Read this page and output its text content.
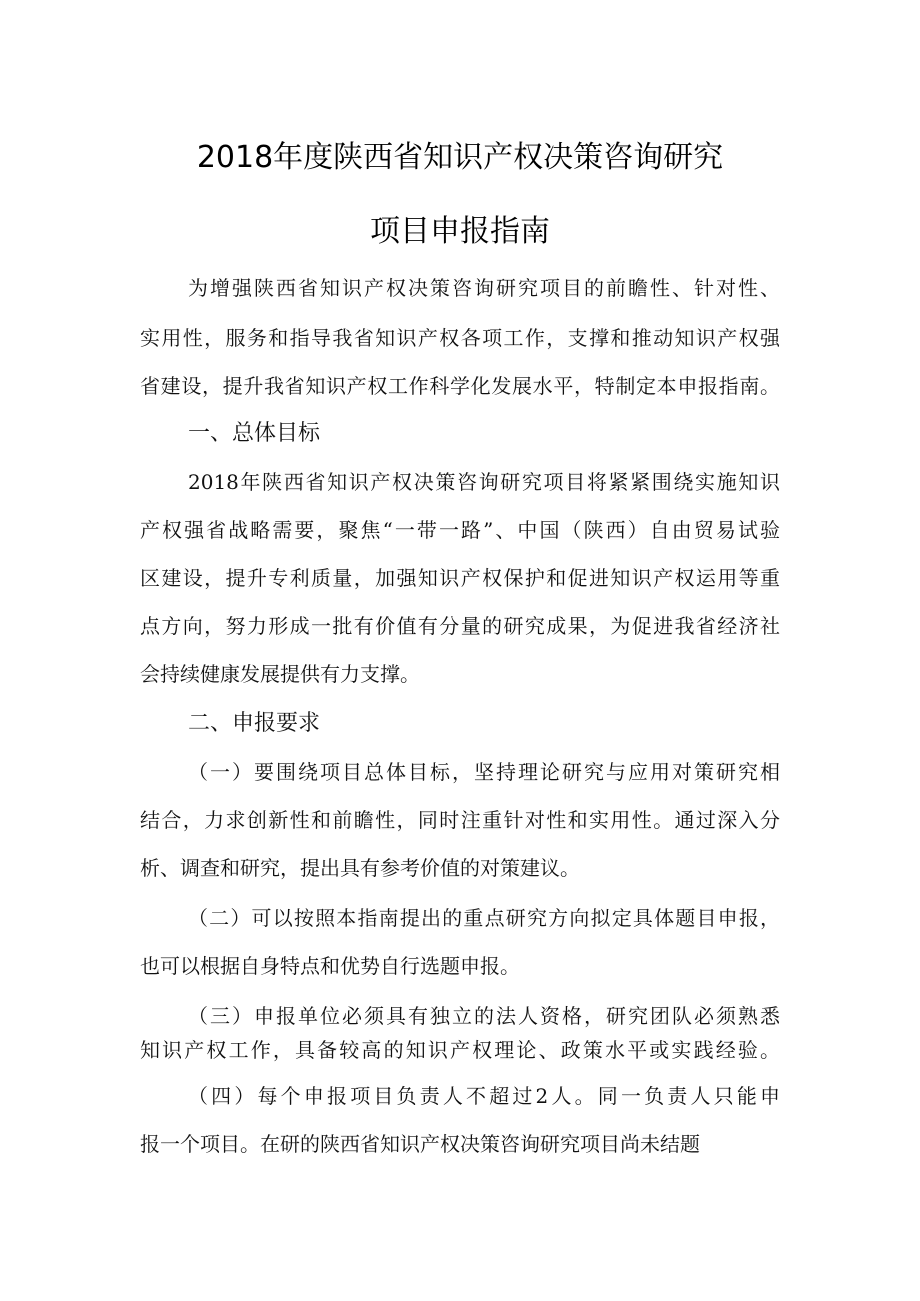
2018年度陕西省知识产权决策咨询研究
项目申报指南
为增强陕西省知识产权决策咨询研究项目的前瞻性、针对性、
实用性，服务和指导我省知识产权各项工作，支撑和推动知识产权强
省建设，提升我省知识产权工作科学化发展水平，特制定本申报指南。
一、总体目标
2018年陕西省知识产权决策咨询研究项目将紧紧围绕实施知识
产权强省战略需要，聚焦“一带一路”、中国（陕西）自由贸易试验
区建设，提升专利质量，加强知识产权保护和促进知识产权运用等重
点方向，努力形成一批有价值有分量的研究成果，为促进我省经济社
会持续健康发展提供有力支撑。
二、申报要求
（一）要围绕项目总体目标，坚持理论研究与应用对策研究相
结合，力求创新性和前瞻性，同时注重针对性和实用性。通过深入分
析、调查和研究，提出具有参考价值的对策建议。
（二）可以按照本指南提出的重点研究方向拟定具体题目申报，
也可以根据自身特点和优势自行选题申报。
（三）申报单位必须具有独立的法人资格，研究团队必须熟悉
知识产权工作，具备较高的知识产权理论、政策水平或实践经验。
（四）每个申报项目负责人不超过2人。同一负责人只能申
报一个项目。在研的陕西省知识产权决策咨询研究项目尚未结题
